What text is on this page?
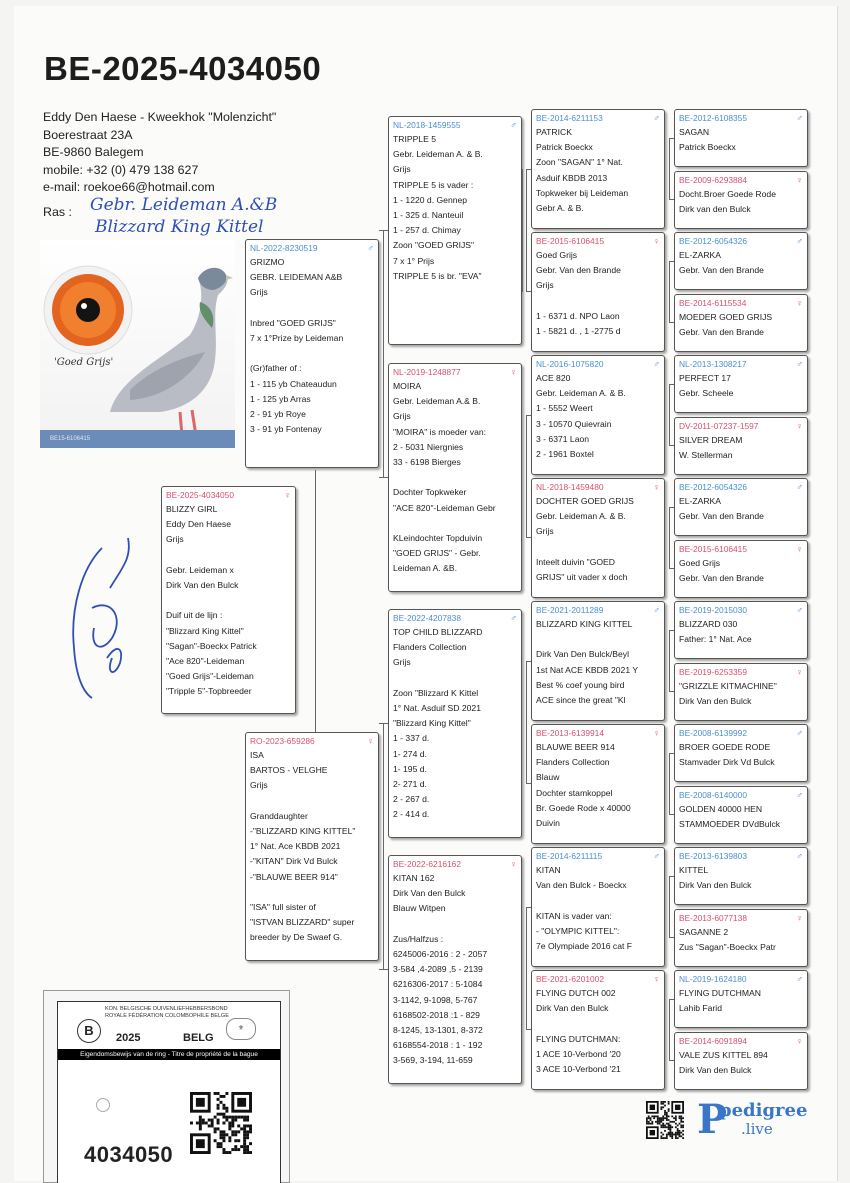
BE-2025-4034050
Eddy Den Haese - Kweekhok "Molenzicht"
Boerestraat 23A
BE-9860 Balegem
mobile: +32 (0) 479 138 627
e-mail: roekoe66@hotmail.com
Ras : Gebr. Leideman A.&B
Blizzard King Kittel
'Goed Grijs'
BE15-6106415
BE-2025-4034050	♀
BLIZZY GIRL
Eddy Den Haese
Grijs
Gebr. Leideman x
Dirk Van den Bulck
Duif uit de lijn :
"Blizzard King Kittel"
"Sagan"-Boeckx Patrick
"Ace 820"-Leideman
"Goed Grijs"-Leideman
"Tripple 5"-Topbreeder
NL-2022-8230519	♂
GRIZMO
GEBR. LEIDEMAN A&B
Grijs
Inbred "GOED GRIJS"
7 x 1°Prize by Leideman
(Gr)father of :
1 - 115 yb Chateaudun
1 - 125 yb Arras
2 - 91 yb Roye
3 - 91 yb Fontenay
RO-2023-659286	♀
ISA
BARTOS - VELGHE
Grijs
Granddaughter
-"BLIZZARD KING KITTEL"
1° Nat. Ace KBDB 2021
-"KITAN" Dirk Vd Bulck
-"BLAUWE BEER 914"
"ISA" full sister of
"ISTVAN BLIZZARD" super
breeder by De Swaef G.
NL-2018-1459555	♂
TRIPPLE 5
Gebr. Leideman A. & B.
Grijs
TRIPPLE 5 is vader :
1 - 1220 d. Gennep
1 - 325 d. Nanteuil
1 - 257 d. Chimay
Zoon "GOED GRIJS"
7 x 1° Prijs
TRIPPLE 5 is br. "EVA"
NL-2019-1248877	♀
MOIRA
Gebr. Leideman A.& B.
Grijs
"MOIRA" is moeder van:
2 - 5031 Niergnies
33 - 6198 Bierges
Dochter Topkweker
"ACE 820"-Leideman Gebr
KLeindochter Topduivin
"GOED GRIJS" - Gebr.
Leideman A. &B.
BE-2022-4207838	♂
TOP CHILD BLIZZARD
Flanders Collection
Grijs
Zoon "Blizzard K Kittel
1° Nat. Asduif SD 2021
"Blizzard King Kittel"
1 - 337 d.
1- 274 d.
1- 195 d.
2- 271 d.
2 - 267 d.
2 - 414 d.
BE-2022-6216162	♀
KITAN 162
Dirk Van den Bulck
Blauw Witpen
Zus/Halfzus :
6245006-2016 : 2 - 2057
3-584 ,4-2089 ,5 - 2139
6216306-2017 : 5-1084
3-1142, 9-1098, 5-767
6168502-2018 :1 - 829
8-1245, 13-1301, 8-372
6168554-2018 : 1 - 192
3-569, 3-194, 11-659
BE-2014-6211153	♂
PATRICK
Patrick Boeckx
Zoon "SAGAN" 1° Nat.
Asduif KBDB 2013
Topkweker bij Leideman
Gebr A. & B.
BE-2015-6106415	♀
Goed Grijs
Gebr. Van den Brande
Grijs
1 - 6371 d. NPO Laon
1 - 5821 d. , 1 -2775 d
NL-2016-1075820	♂
ACE 820
Gebr. Leideman A. & B.
1 - 5552 Weert
3 - 10570 Quievrain
3 - 6371 Laon
2 - 1961 Boxtel
NL-2018-1459480	♀
DOCHTER GOED GRIJS
Gebr. Leideman A. & B.
Grijs
Inteelt duivin "GOED
GRIJS" uit vader x doch
BE-2021-2011289	♂
BLIZZARD KING KITTEL
Dirk Van Den Bulck/Beyl
1st Nat ACE KBDB 2021 Y
Best % coef young bird
ACE since the great "Kl
BE-2013-6139914	♀
BLAUWE BEER 914
Flanders Collection
Blauw
Dochter stamkoppel
Br. Goede Rode x 40000
Duivin
BE-2014-6211115	♂
KITAN
Van den Bulck - Boeckx
KITAN is vader van:
- "OLYMPIC KITTEL":
7e Olympiade 2016 cat F
BE-2021-6201002	♀
FLYING DUTCH 002
Dirk Van den Bulck
FLYING DUTCHMAN:
1 ACE 10-Verbond '20
3 ACE 10-Verbond '21
BE-2012-6108355	♂
SAGAN
Patrick Boeckx
BE-2009-6293884	♀
Docht.Broer Goede Rode
Dirk van den Bulck
BE-2012-6054326	♂
EL-ZARKA
Gebr. Van den Brande
BE-2014-6115534	♀
MOEDER GOED GRIJS
Gebr. Van den Brande
NL-2013-1308217	♂
PERFECT 17
Gebr. Scheele
DV-2011-07237-1597	♀
SILVER DREAM
W. Stellerman
BE-2012-6054326	♂
EL-ZARKA
Gebr. Van den Brande
BE-2015-6106415	♀
Goed Grijs
Gebr. Van den Brande
BE-2019-2015030	♂
BLIZZARD 030
Father: 1° Nat. Ace
BE-2019-6253359	♀
"GRIZZLE KITMACHINE"
Dirk Van den Bulck
BE-2008-6139992	♂
BROER GOEDE RODE
Stamvader Dirk Vd Bulck
BE-2008-6140000	♂
GOLDEN 40000 HEN
STAMMOEDER DVdBulck
BE-2013-6139803	♂
KITTEL
Dirk Van den Bulck
BE-2013-6077138	♀
SAGANNE 2
Zus "Sagan"-Boeckx Patr
NL-2019-1624180	♂
FLYING DUTCHMAN
Lahib Farid
BE-2014-6091894	♀
VALE ZUS KITTEL 894
Dirk Van den Bulck
B
KON. BELGISCHE DUIVENLIEFHEBBERSBOND
ROYALE FÉDÉRATION COLOMBOPHILE BELGE
⚜
2025	BELG
Eigendomsbewijs van de ring - Titre de propriété de la bague
4034050
P
pedigree
.live
